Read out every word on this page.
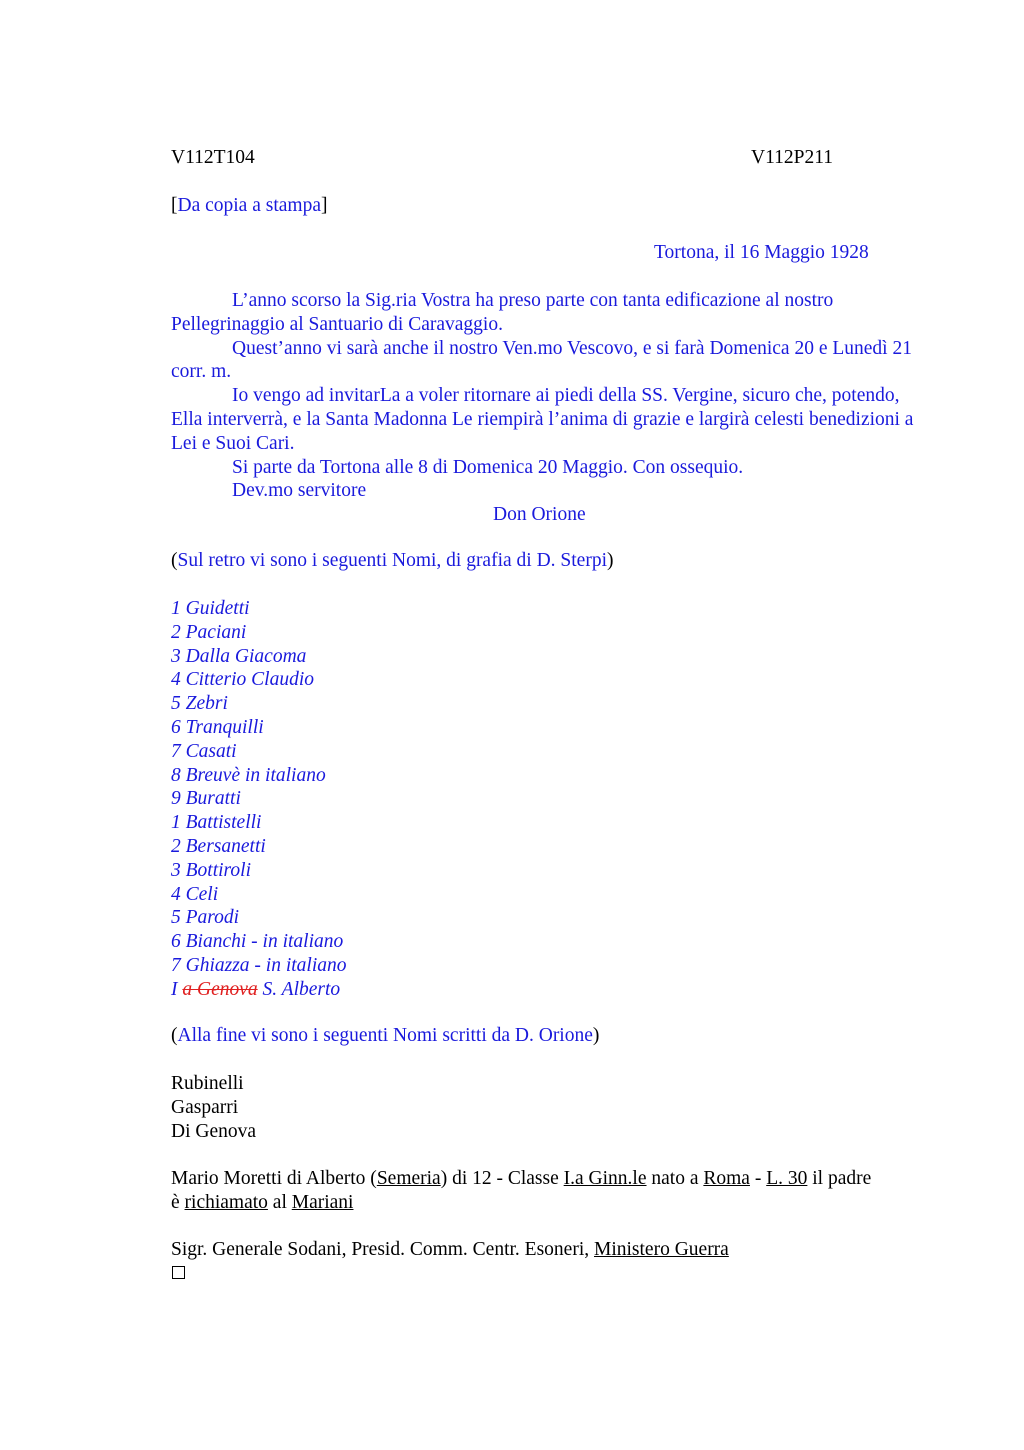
V112T104	V112P211
[Da copia a stampa]
Tortona, il 16 Maggio 1928

L’anno scorso la Sig.ria Vostra ha preso parte con tanta edificazione al nostro Pellegrinaggio al Santuario di Caravaggio.

Quest’anno vi sarà anche il nostro Ven.mo Vescovo, e si farà Domenica 20 e Lunedì 21 corr. m.

Io vengo ad invitarLa a voler ritornare ai piedi della SS. Vergine, sicuro che, potendo, Ella interverrà, e la Santa Madonna Le riempirà l’anima di grazie e largirà celesti benedizioni a Lei e Suoi Cari.

Si parte da Tortona alle 8 di Domenica 20 Maggio. Con ossequio.

Dev.mo servitore

Don Orione

(Sul retro vi sono i seguenti Nomi, di grafia di D. Sterpi)
1 Guidetti
2 Paciani
3 Dalla Giacoma
4 Citterio Claudio
5 Zebri
6 Tranquilli
7 Casati
8 Breuvè in italiano
9 Buratti
1 Battistelli
2 Bersanetti
3 Bottiroli
4 Celi
5 Parodi
6 Bianchi - in italiano
7 Ghiazza - in italiano
I a Genova S. Alberto
(Alla fine vi sono i seguenti Nomi scritti da D. Orione)
Rubinelli
Gasparri
Di Genova
Mario Moretti di Alberto (Semeria) di 12 - Classe I.a Ginn.le nato a Roma - L. 30 il padre
è richiamato al Mariani
Sigr. Generale Sodani, Presid. Comm. Centr. Esoneri, Ministero Guerra
